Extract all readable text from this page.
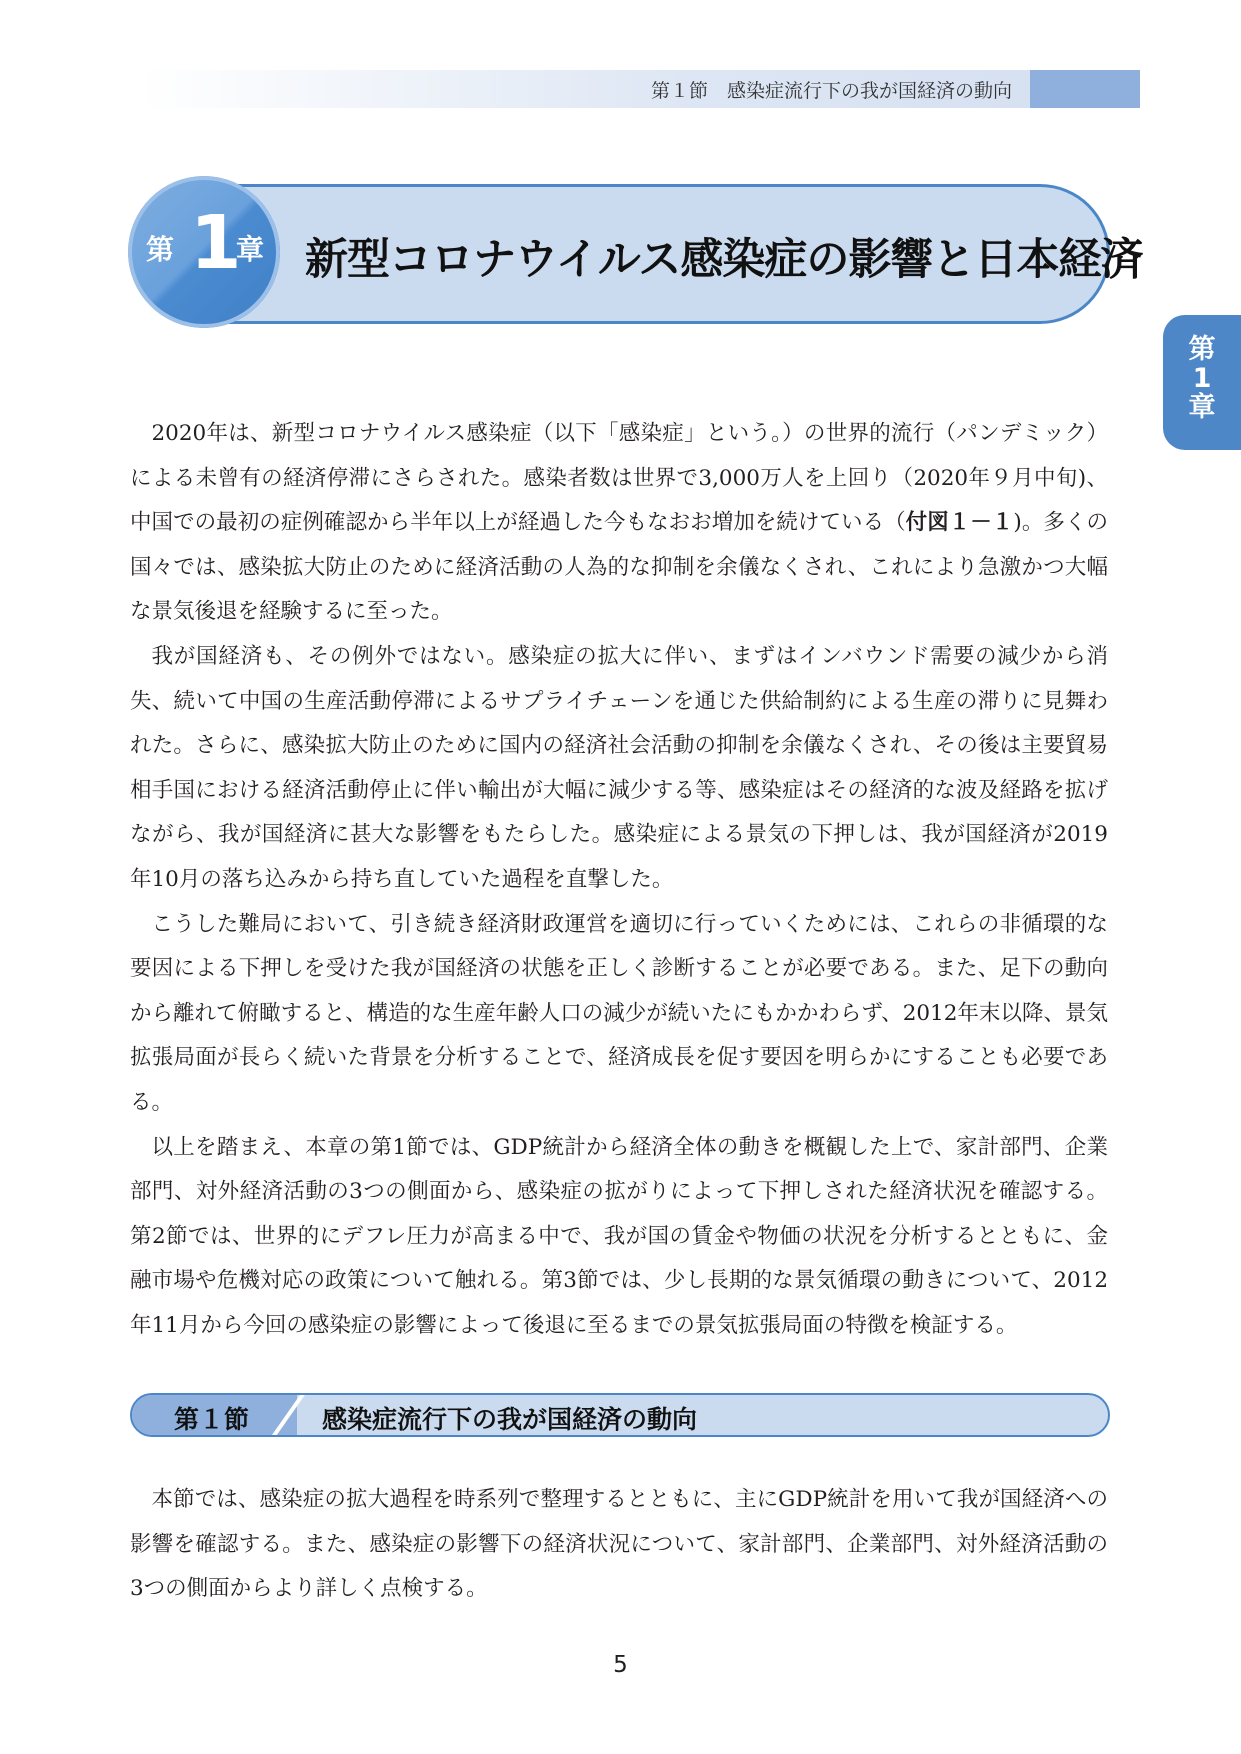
第１節　感染症流行下の我が国経済の動向
新型コロナウイルス感染症の影響と日本経済
第 1
章
第
1
章

2020年は、新型コロナウイルス感染症（以下「感染症」という。）の世界的流行（パンデミック）による未曾有の経済停滞にさらされた。感染者数は世界で3,000万人を上回り（2020年９月中旬)、中国での最初の症例確認から半年以上が経過した今もなおお増加を続けている（付図１－１)。多くの国々では、感染拡大防止のために経済活動の人為的な抑制を余儀なくされ、これにより急激かつ大幅な景気後退を経験するに至った。

我が国経済も、その例外ではない。感染症の拡大に伴い、まずはインバウンド需要の減少から消失、続いて中国の生産活動停滞によるサプライチェーンを通じた供給制約による生産の滞りに見舞われた。さらに、感染拡大防止のために国内の経済社会活動の抑制を余儀なくされ、その後は主要貿易相手国における経済活動停止に伴い輸出が大幅に減少する等、感染症はその経済的な波及経路を拡げながら、我が国経済に甚大な影響をもたらした。感染症による景気の下押しは、我が国経済が2019年10月の落ち込みから持ち直していた過程を直撃した。

こうした難局において、引き続き経済財政運営を適切に行っていくためには、これらの非循環的な要因による下押しを受けた我が国経済の状態を正しく診断することが必要である。また、足下の動向から離れて俯瞰すると、構造的な生産年齢人口の減少が続いたにもかかわらず、2012年末以降、景気拡張局面が長らく続いた背景を分析することで、経済成長を促す要因を明らかにすることも必要である。

以上を踏まえ、本章の第1節では、GDP統計から経済全体の動きを概観した上で、家計部門、企業部門、対外経済活動の3つの側面から、感染症の拡がりによって下押しされた経済状況を確認する。第2節では、世界的にデフレ圧力が高まる中で、我が国の賃金や物価の状況を分析するとともに、金融市場や危機対応の政策について触れる。第3節では、少し長期的な景気循環の動きについて、2012年11月から今回の感染症の影響によって後退に至るまでの景気拡張局面の特徴を検証する。

第１節	感染症流行下の我が国経済の動向

本節では、感染症の拡大過程を時系列で整理するとともに、主にGDP統計を用いて我が国経済への影響を確認する。また、感染症の影響下の経済状況について、家計部門、企業部門、対外経済活動の3つの側面からより詳しく点検する。

5
